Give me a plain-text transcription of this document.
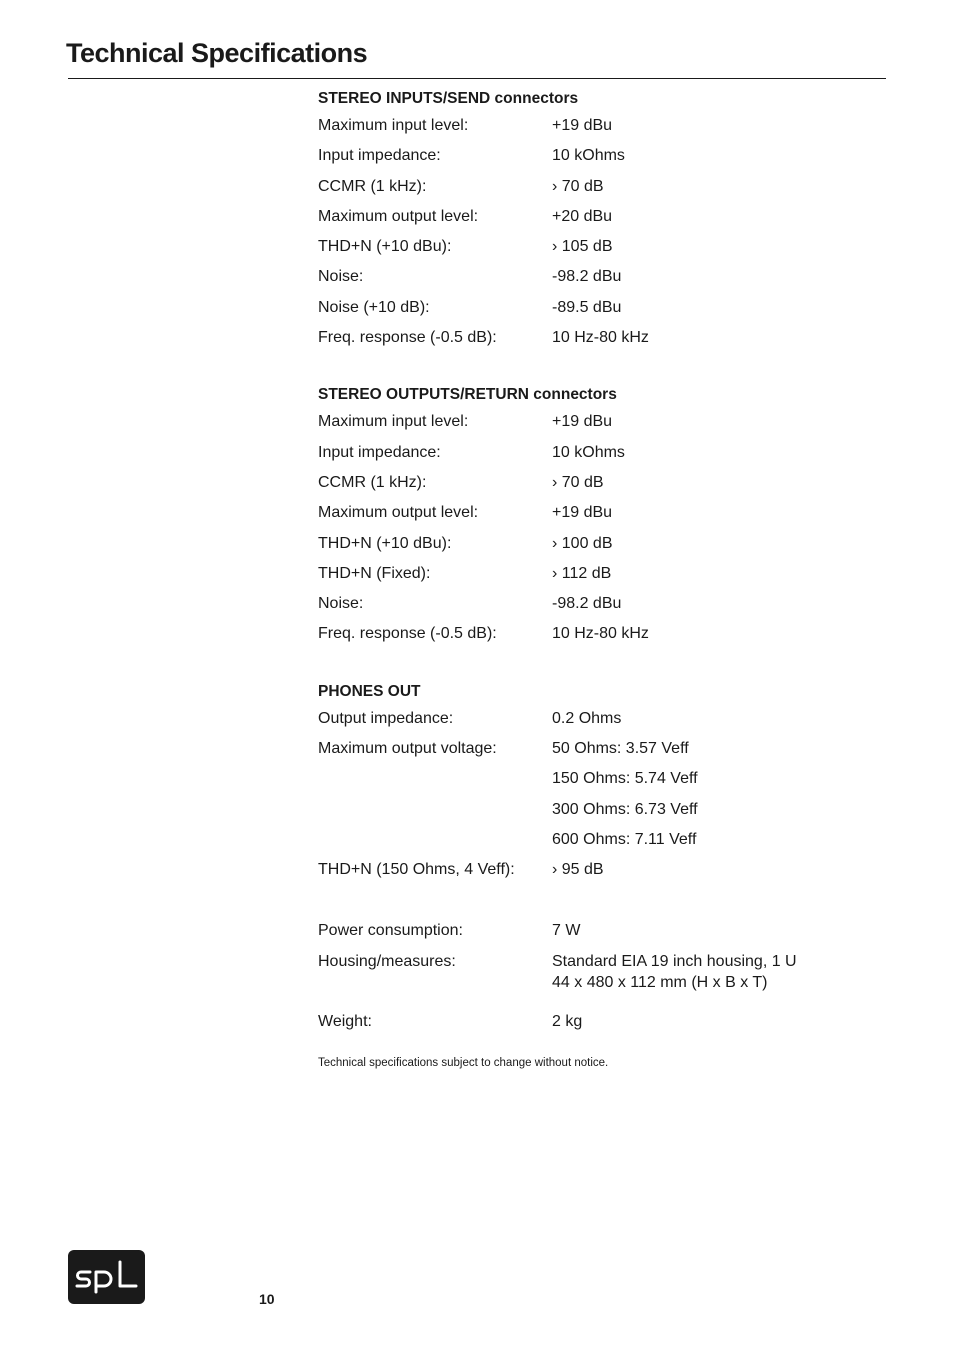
Technical Specifications
STEREO INPUTS/SEND connectors
Maximum input level:	+19 dBu
Input impedance:	10 kOhms
CCMR (1 kHz):	› 70 dB
Maximum output level:	+20 dBu
THD+N (+10 dBu):	› 105 dB
Noise:	-98.2 dBu
Noise (+10 dB):	-89.5 dBu
Freq. response (-0.5 dB):	10 Hz-80 kHz
STEREO OUTPUTS/RETURN connectors
Maximum input level:	+19 dBu
Input impedance:	10 kOhms
CCMR (1 kHz):	› 70 dB
Maximum output level:	+19 dBu
THD+N (+10 dBu):	› 100 dB
THD+N (Fixed):	› 112 dB
Noise:	-98.2 dBu
Freq. response (-0.5 dB):	10 Hz-80 kHz
PHONES OUT
Output impedance:	0.2 Ohms
Maximum output voltage:	50 Ohms: 3.57 Veff
150 Ohms: 5.74 Veff
300 Ohms: 6.73 Veff
600 Ohms: 7.11 Veff
THD+N (150 Ohms, 4 Veff):	› 95 dB
Power consumption:	7 W
Housing/measures:	Standard EIA 19 inch housing, 1 U
44 x 480 x 112 mm (H x B x T)
Weight:	2 kg
Technical specifications subject to change without notice.
10
